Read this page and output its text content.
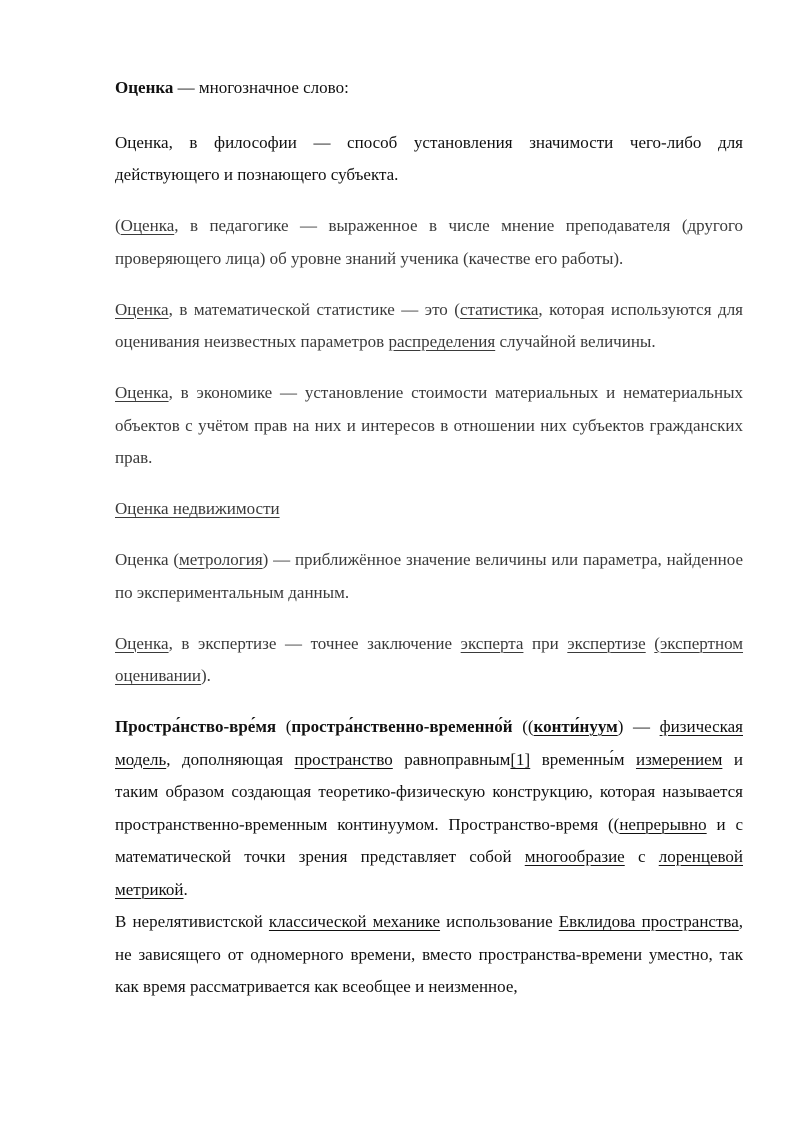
Оценка — многозначное слово:

Оценка, в философии — способ установления значимости чего-либо для действующего и познающего субъекта.

(Оценка, в педагогике — выраженное в числе мнение преподавателя (другого проверяющего лица) об уровне знаний ученика (качестве его работы).

Оценка, в математической статистике — это (статистика, которая используются для оценивания неизвестных параметров распределения случайной величины.

Оценка, в экономике — установление стоимости материальных и нематериальных объектов с учётом прав на них и интересов в отношении них субъектов гражданских прав.

Оценка недвижимости

Оценка (метрология) — приближённое значение величины или параметра, найденное по экспериментальным данным.

Оценка, в экспертизе — точнее заключение эксперта при экспертизе (экспертном оценивании).

Простра́нство-вре́мя (простра́нственно-временно́й ((конти́нуум) — физическая модель, дополняющая пространство равноправным[1] временны́м измерением и таким образом создающая теоретико-физическую конструкцию, которая называется пространственно-временным континуумом. Пространство-время ((непрерывно и с математической точки зрения представляет собой многообразие с лоренцевой метрикой.

В нерелятивистской классической механике использование Евклидова пространства, не зависящего от одномерного времени, вместо пространства-времени уместно, так как время рассматривается как всеобщее и неизменное,
